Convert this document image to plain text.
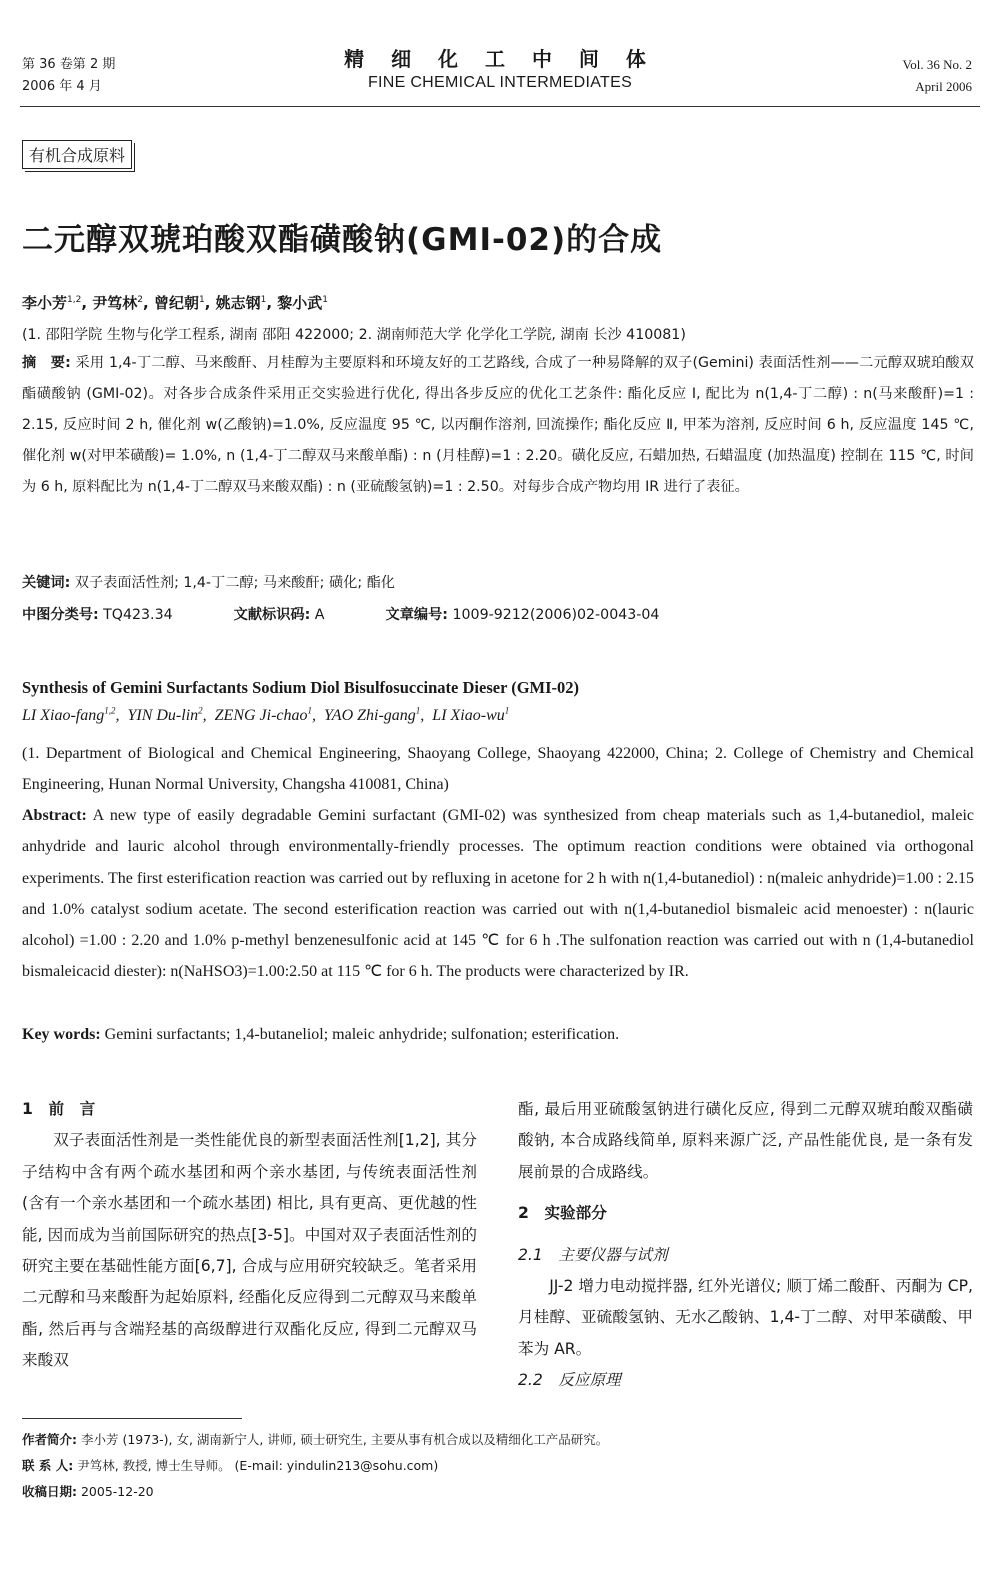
第 36 卷第 2 期
2006 年 4 月
精 细 化 工 中 间 体
FINE CHEMICAL INTERMEDIATES
Vol. 36 No. 2
April 2006
有机合成原料
二元醇双琥珀酸双酯磺酸钠(GMI-02)的合成
李小芳$^{1,2}$, 尹笃林$^2$, 曾纪朝$^1$, 姚志钢$^1$, 黎小武$^1$
(1. 邵阳学院 生物与化学工程系, 湖南 邵阳 422000; 2. 湖南师范大学 化学化工学院, 湖南 长沙 410081)
摘　要: 采用 1,4-丁二醇、马来酸酐、月桂醇为主要原料和环境友好的工艺路线, 合成了一种易降解的双子(Gemini) 表面活性剂——二元醇双琥珀酸双酯磺酸钠 (GMI-02)。对各步合成条件采用正交实验进行优化, 得出各步反应的优化工艺条件: 酯化反应 I, 配比为 n(1,4-丁二醇) : n(马来酸酐)=1 : 2.15, 反应时间 2 h, 催化剂 w(乙酸钠)=1.0%, 反应温度 95 ℃, 以丙酮作溶剂, 回流操作; 酯化反应 Ⅱ, 甲苯为溶剂, 反应时间 6 h, 反应温度 145 ℃, 催化剂 w(对甲苯磺酸)= 1.0%, n (1,4-丁二醇双马来酸单酯) : n (月桂醇)=1 : 2.20。磺化反应, 石蜡加热, 石蜡温度 (加热温度) 控制在 115 ℃, 时间为 6 h, 原料配比为 n(1,4-丁二醇双马来酸双酯) : n (亚硫酸氢钠)=1 : 2.50。对每步合成产物均用 IR 进行了表征。
关键词: 双子表面活性剂; 1,4-丁二醇; 马来酸酐; 磺化; 酯化
中图分类号: TQ423.34	文献标识码: A	文章编号: 1009-9212(2006)02-0043-04
Synthesis of Gemini Surfactants Sodium Diol Bisulfosuccinate Dieser (GMI-02)
LI Xiao-fang$^{1,2}$,  YIN Du-lin$^2$,  ZENG Ji-chao$^1$,  YAO Zhi-gang$^1$,  LI Xiao-$wu^1$
(1. Department of Biological and Chemical Engineering, Shaoyang College, Shaoyang 422000, China; 2. College of Chemistry and Chemical Engineering, Hunan Normal University, Changsha 410081, China)
Abstract: A new type of easily degradable Gemini surfactant (GMI-02) was synthesized from cheap materials such as 1,4-butanediol, maleic anhydride and lauric alcohol through environmentally-friendly processes. The optimum reaction conditions were obtained via orthogonal experiments. The first esterification reaction was carried out by refluxing in acetone for 2 h with n(1,4-butanediol) : n(maleic anhydride)=1.00 : 2.15 and 1.0% catalyst sodium acetate. The second esterification reaction was carried out with n(1,4-butanediol bismaleic acid menoester) : n(lauric alcohol) =1.00 : 2.20 and 1.0% p-methyl benzenesulfonic acid at 145 ℃ for 6 h .The sulfonation reaction was carried out with n (1,4-butanediol bismaleicacid diester): n(NaHSO3)=1.00:2.50 at 115 ℃ for 6 h. The products were characterized by IR.
Key words: Gemini surfactants; 1,4-butaneliol; maleic anhydride; sulfonation; esterification.
1　前　言
双子表面活性剂是一类性能优良的新型表面活性剂[1,2], 其分子结构中含有两个疏水基团和两个亲水基团, 与传统表面活性剂 (含有一个亲水基团和一个疏水基团) 相比, 具有更高、更优越的性能, 因而成为当前国际研究的热点[3-5]。中国对双子表面活性剂的研究主要在基础性能方面[6,7], 合成与应用研究较缺乏。笔者采用二元醇和马来酸酐为起始原料, 经酯化反应得到二元醇双马来酸单酯, 然后再与含端羟基的高级醇进行双酯化反应, 得到二元醇双马来酸双
酯, 最后用亚硫酸氢钠进行磺化反应, 得到二元醇双琥珀酸双酯磺酸钠, 本合成路线简单, 原料来源广泛, 产品性能优良, 是一条有发展前景的合成路线。
2　实验部分
2.1　主要仪器与试剂
JJ-2 增力电动搅拌器, 红外光谱仪; 顺丁烯二酸酐、丙酮为 CP, 月桂醇、亚硫酸氢钠、无水乙酸钠、1,4-丁二醇、对甲苯磺酸、甲苯为 AR。
2.2　反应原理
作者简介: 李小芳 (1973-), 女, 湖南新宁人, 讲师, 硕士研究生, 主要从事有机合成以及精细化工产品研究。
联 系 人: 尹笃林, 教授, 博士生导师。 (E-mail: yindulin213@sohu.com)
收稿日期: 2005-12-20
